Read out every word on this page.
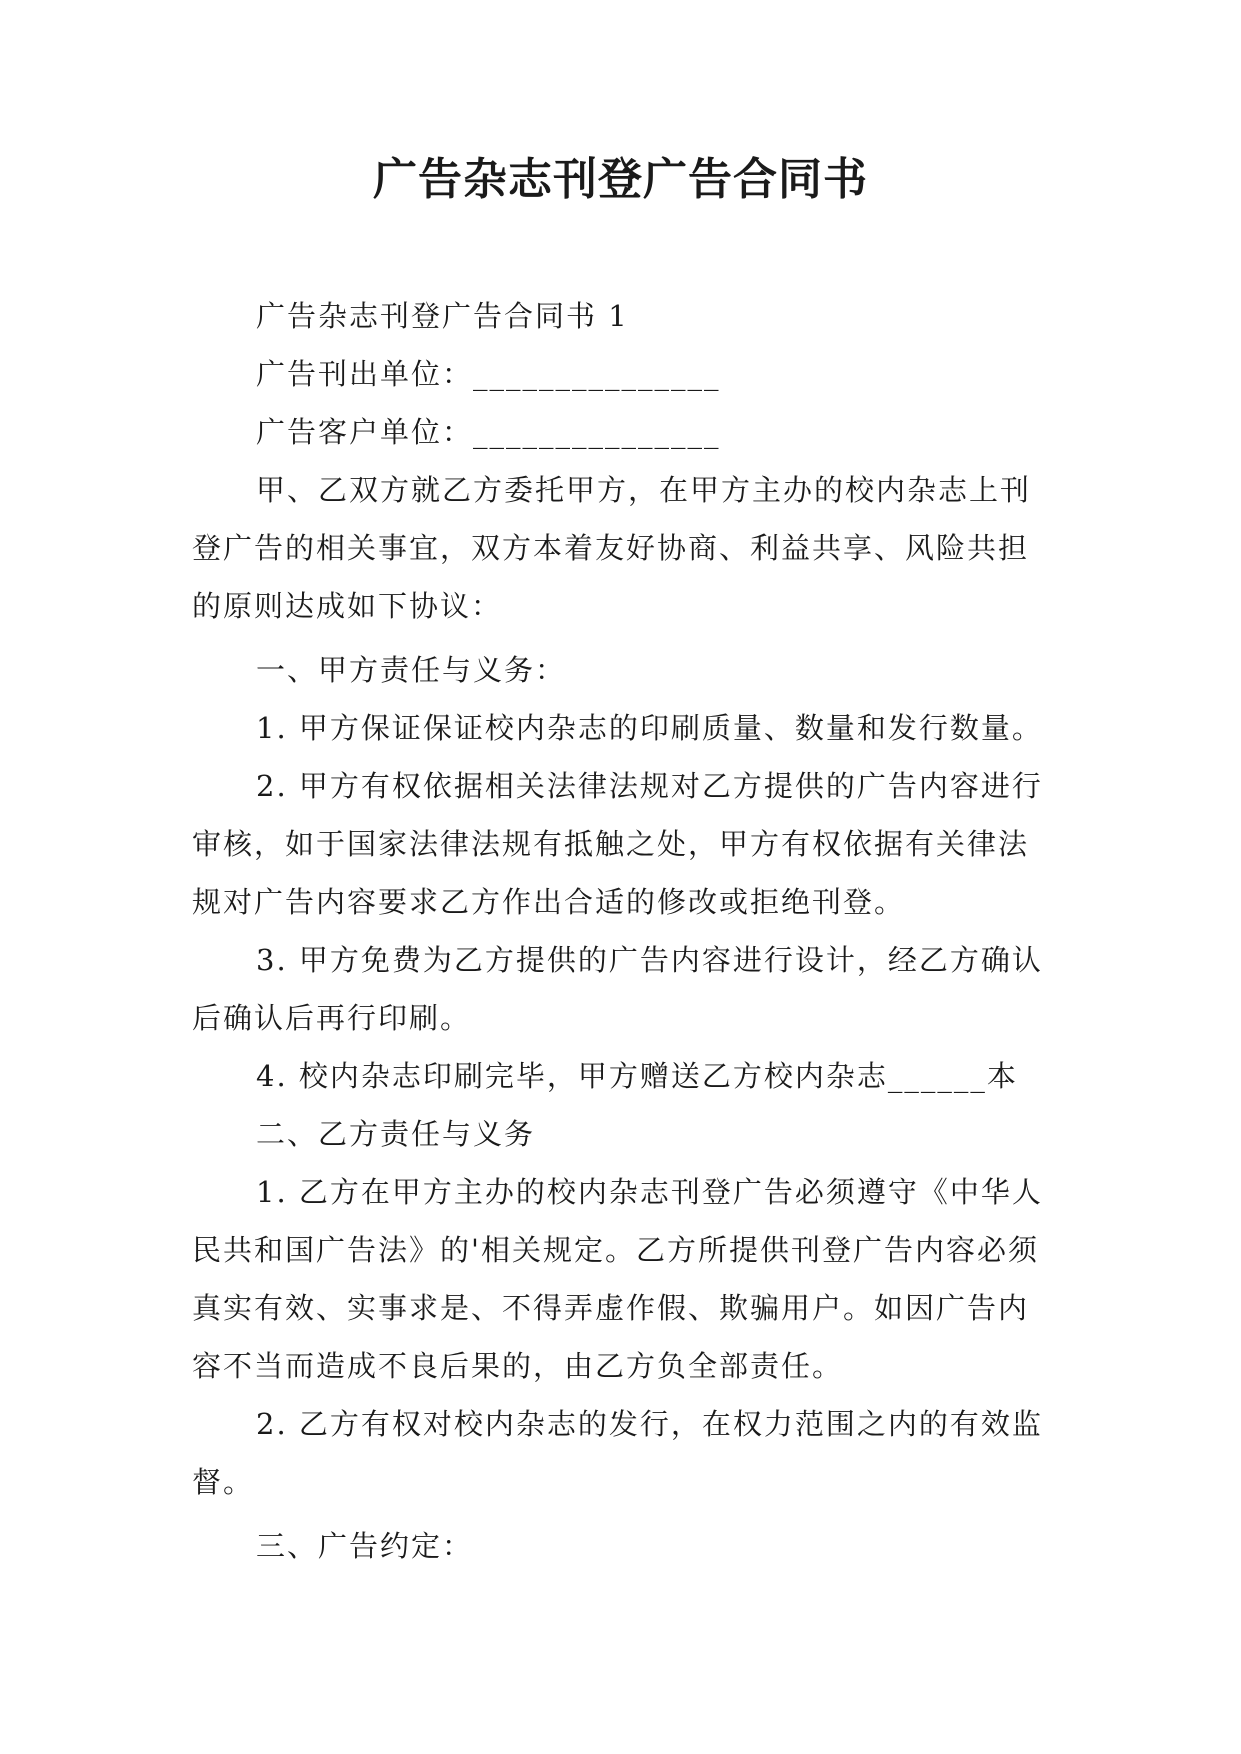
广告杂志刊登广告合同书

广告杂志刊登广告合同书 1

广告刊出单位：_______________

广告客户单位：_______________

甲、乙双方就乙方委托甲方，在甲方主办的校内杂志上刊登广告的相关事宜，双方本着友好协商、利益共享、风险共担的原则达成如下协议：

一、甲方责任与义务：

1. 甲方保证保证校内杂志的印刷质量、数量和发行数量。

2. 甲方有权依据相关法律法规对乙方提供的广告内容进行审核，如于国家法律法规有抵触之处，甲方有权依据有关律法规对广告内容要求乙方作出合适的修改或拒绝刊登。

3. 甲方免费为乙方提供的广告内容进行设计，经乙方确认后确认后再行印刷。

4. 校内杂志印刷完毕，甲方赠送乙方校内杂志______本

二、乙方责任与义务

1. 乙方在甲方主办的校内杂志刊登广告必须遵守《中华人民共和国广告法》的'相关规定。乙方所提供刊登广告内容必须真实有效、实事求是、不得弄虚作假、欺骗用户。如因广告内容不当而造成不良后果的，由乙方负全部责任。

2. 乙方有权对校内杂志的发行，在权力范围之内的有效监督。

三、广告约定：
